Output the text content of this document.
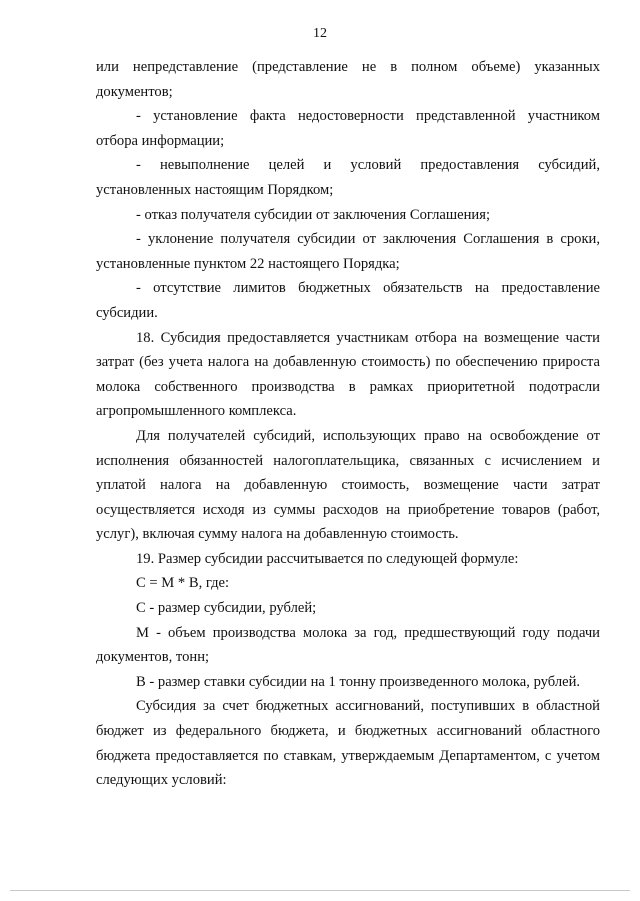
12

или непредставление (представление не в полном объеме) указанных документов;

- установление факта недостоверности представленной участником отбора информации;

- невыполнение целей и условий предоставления субсидий, установленных настоящим Порядком;

- отказ получателя субсидии от заключения Соглашения;

- уклонение получателя субсидии от заключения Соглашения в сроки, установленные пунктом 22 настоящего Порядка;

- отсутствие лимитов бюджетных обязательств на предоставление субсидии.

18. Субсидия предоставляется участникам отбора на возмещение части затрат (без учета налога на добавленную стоимость) по обеспечению прироста молока собственного производства в рамках приоритетной подотрасли агропромышленного комплекса.

Для получателей субсидий, использующих право на освобождение от исполнения обязанностей налогоплательщика, связанных с исчислением и уплатой налога на добавленную стоимость, возмещение части затрат осуществляется исходя из суммы расходов на приобретение товаров (работ, услуг), включая сумму налога на добавленную стоимость.

19. Размер субсидии рассчитывается по следующей формуле:

С = М * В, где:

С - размер субсидии, рублей;

М - объем производства молока за год, предшествующий году подачи документов, тонн;

В - размер ставки субсидии на 1 тонну произведенного молока, рублей.

Субсидия за счет бюджетных ассигнований, поступивших в областной бюджет из федерального бюджета, и бюджетных ассигнований областного бюджета предоставляется по ставкам, утверждаемым Департаментом, с учетом следующих условий:
